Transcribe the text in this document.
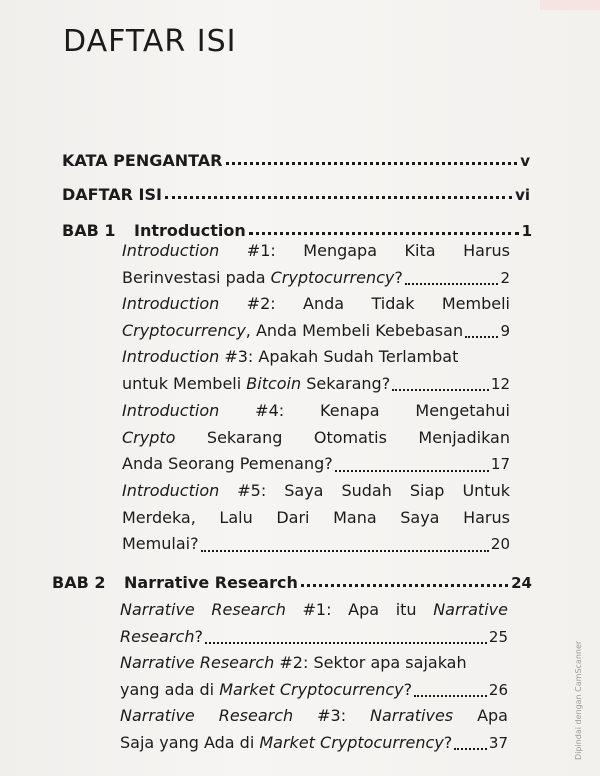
DAFTAR ISI
KATA PENGANTAR	v
DAFTAR ISI	vi
BAB 1	Introduction	1
Introduction #1: Mengapa Kita Harus
Berinvestasi pada Cryptocurrency ?	2
Introduction #2: Anda Tidak Membeli
Cryptocurrency , Anda Membeli Kebebasan 9
Introduction #3: Apakah Sudah Terlambat
untuk Membeli Bitcoin Sekarang?	12
Introduction #4: Kenapa Mengetahui
Crypto Sekarang Otomatis Menjadikan
Anda Seorang Pemenang?	17
Introduction #5: Saya Sudah Siap Untuk
Merdeka, Lalu Dari Mana Saya Harus
Memulai?	20
BAB 2	Narrative Research	24
Narrative Research #1: Apa itu Narrative
Research ?	25
Narrative Research #2: Sektor apa sajakah
yang ada di Market Cryptocurrency ?	26
Narrative Research #3: Narratives Apa
Saja yang Ada di Market Cryptocurrency ? 37	Dipindai dengan CamScanner
